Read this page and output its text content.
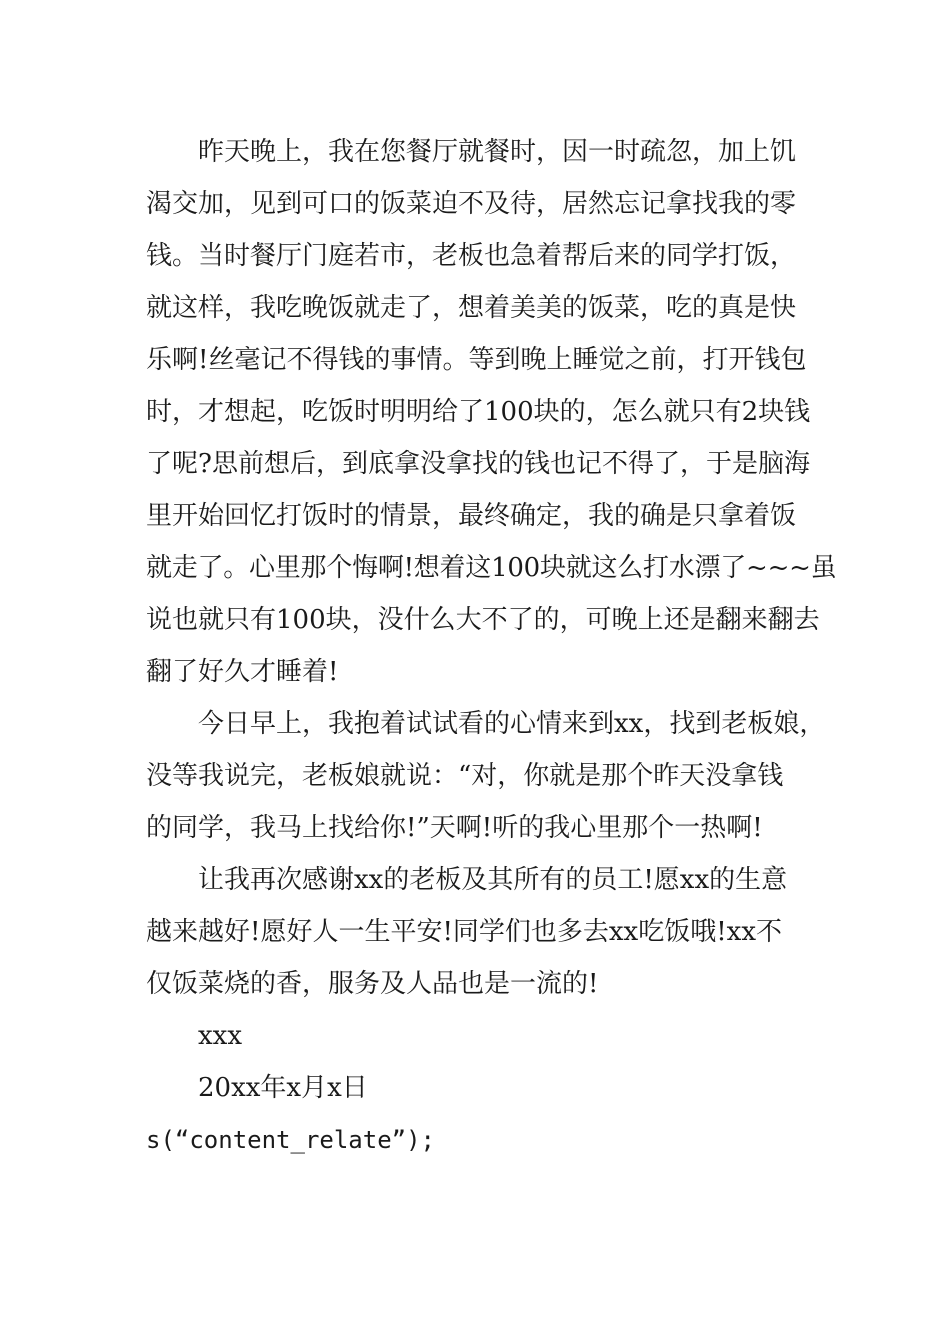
昨天晚上，我在您餐厅就餐时，因一时疏忽，加上饥
渴交加，见到可口的饭菜迫不及待，居然忘记拿找我的零
钱。当时餐厅门庭若市，老板也急着帮后来的同学打饭，
就这样，我吃晚饭就走了，想着美美的饭菜，吃的真是快
乐啊!丝毫记不得钱的事情。等到晚上睡觉之前，打开钱包
时，才想起，吃饭时明明给了100块的，怎么就只有2块钱
了呢?思前想后，到底拿没拿找的钱也记不得了，于是脑海
里开始回忆打饭时的情景，最终确定，我的确是只拿着饭
就走了。心里那个悔啊!想着这100块就这么打水漂了~~~虽
说也就只有100块，没什么大不了的，可晚上还是翻来翻去
翻了好久才睡着!
今日早上，我抱着试试看的心情来到xx，找到老板娘，
没等我说完，老板娘就说：“对，你就是那个昨天没拿钱
的同学，我马上找给你!”天啊!听的我心里那个一热啊!
让我再次感谢xx的老板及其所有的员工!愿xx的生意
越来越好!愿好人一生平安!同学们也多去xx吃饭哦!xx不
仅饭菜烧的香，服务及人品也是一流的!
xxx
20xx年x月x日
s(“content_relate”);
